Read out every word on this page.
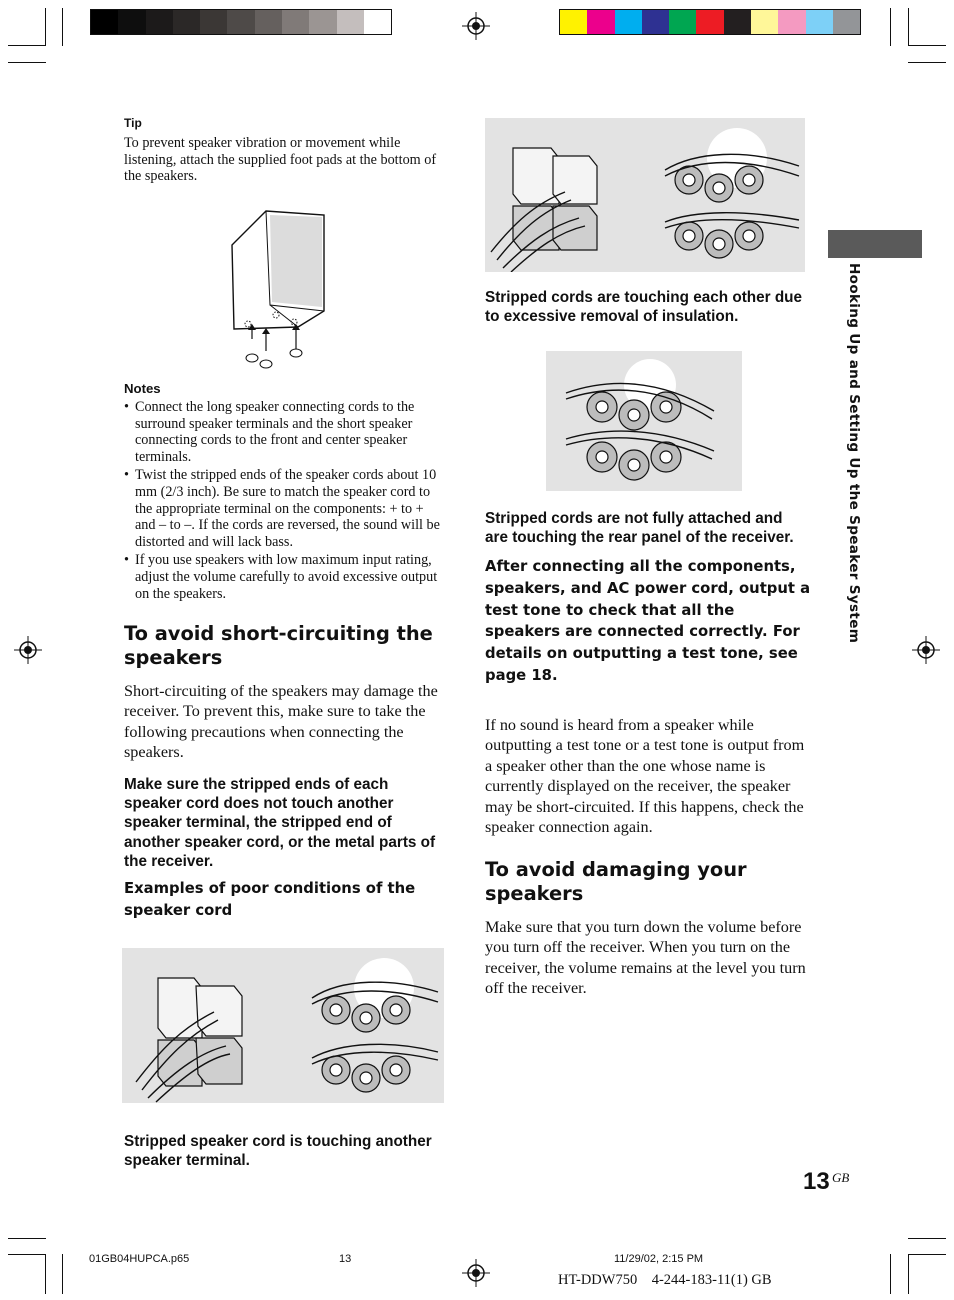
Tip
To prevent speaker vibration or movement while listening, attach the supplied foot pads at the bottom of the speakers.
Notes
• Connect the long speaker connecting cords to the surround speaker terminals and the short speaker connecting cords to the front and center speaker terminals.
• Twist the stripped ends of the speaker cords about 10 mm (2/3 inch). Be sure to match the speaker cord to the appropriate terminal on the components: + to + and – to –. If the cords are reversed, the sound will be distorted and will lack bass.
• If you use speakers with low maximum input rating, adjust the volume carefully to avoid excessive output on the speakers.
To avoid short-circuiting the speakers
Short-circuiting of the speakers may damage the receiver. To prevent this, make sure to take the following precautions when connecting the speakers.
Make sure the stripped ends of each speaker cord does not touch another speaker terminal, the stripped end of another speaker cord, or the metal parts of the receiver.
Examples of poor conditions of the speaker cord
Stripped speaker cord is touching another speaker terminal.
Stripped cords are touching each other due to excessive removal of insulation.
Stripped cords are not fully attached and are touching the rear panel of the receiver.
After connecting all the components, speakers, and AC power cord, output a test tone to check that all the speakers are connected correctly. For details on outputting a test tone, see page 18.
If no sound is heard from a speaker while outputting a test tone or a test tone is output from a speaker other than the one whose name is currently displayed on the receiver, the speaker may be short-circuited. If this happens, check the speaker connection again.
To avoid damaging your speakers
Make sure that you turn down the volume before you turn off the receiver. When you turn on the receiver, the volume remains at the level you turn off the receiver.
Hooking Up and Setting Up the Speaker System
13 GB
01GB04HUPCA.p65	13	11/29/02, 2:15 PM
HT-DDW750    4-244-183-11(1) GB
